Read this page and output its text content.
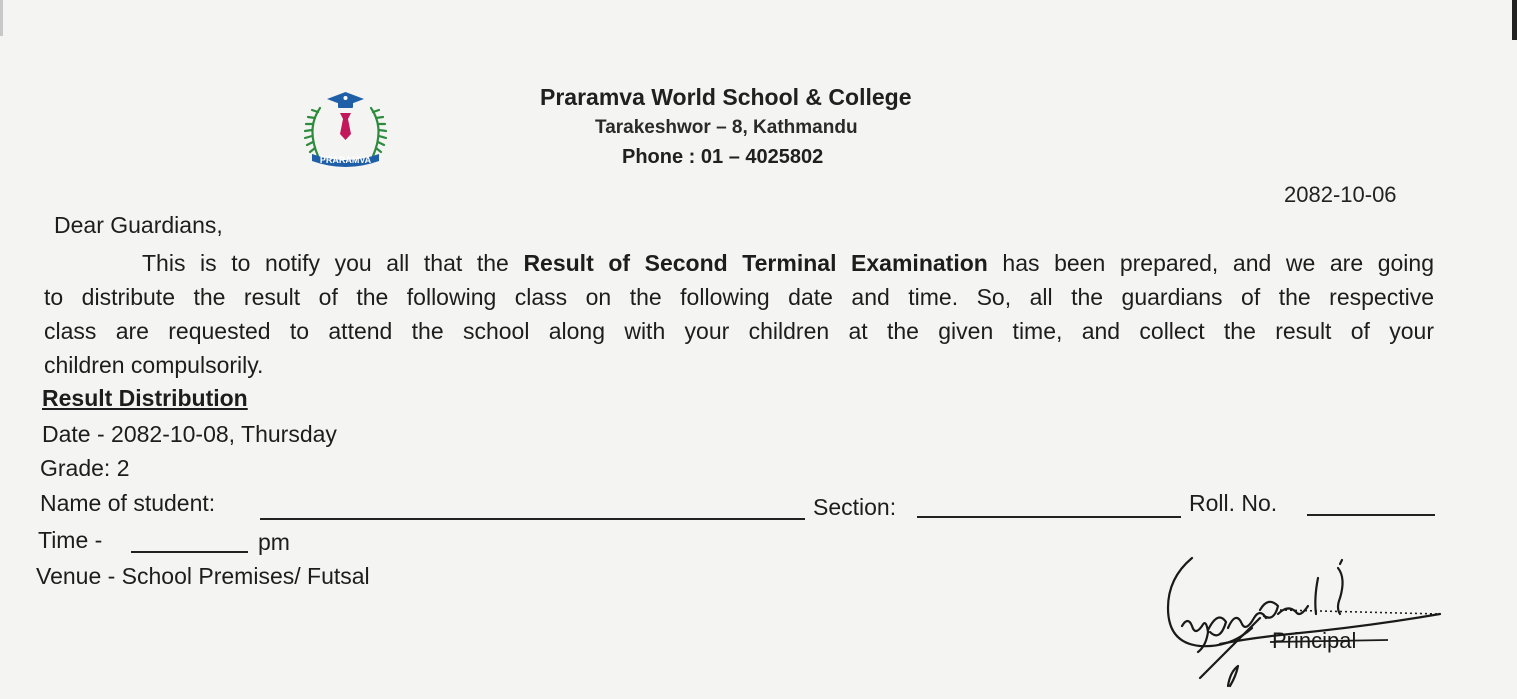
PRARAMVA
Praramva World School & College
Tarakeshwor – 8, Kathmandu
Phone : 01 – 4025802
2082-10-06
Dear Guardians,
This is to notify you all that the Result of Second Terminal Examination has been prepared, and we are going
to distribute the result of the following class on the following date and time. So, all the guardians of the respective
class are requested to attend the school along with your children at the given time, and collect the result of your
children compulsorily.
Result Distribution
Date - 2082-10-08, Thursday
Grade: 2
Name of student:	Section:	Roll. No.
Time -	pm
Venue - School Premises/ Futsal
Principal
